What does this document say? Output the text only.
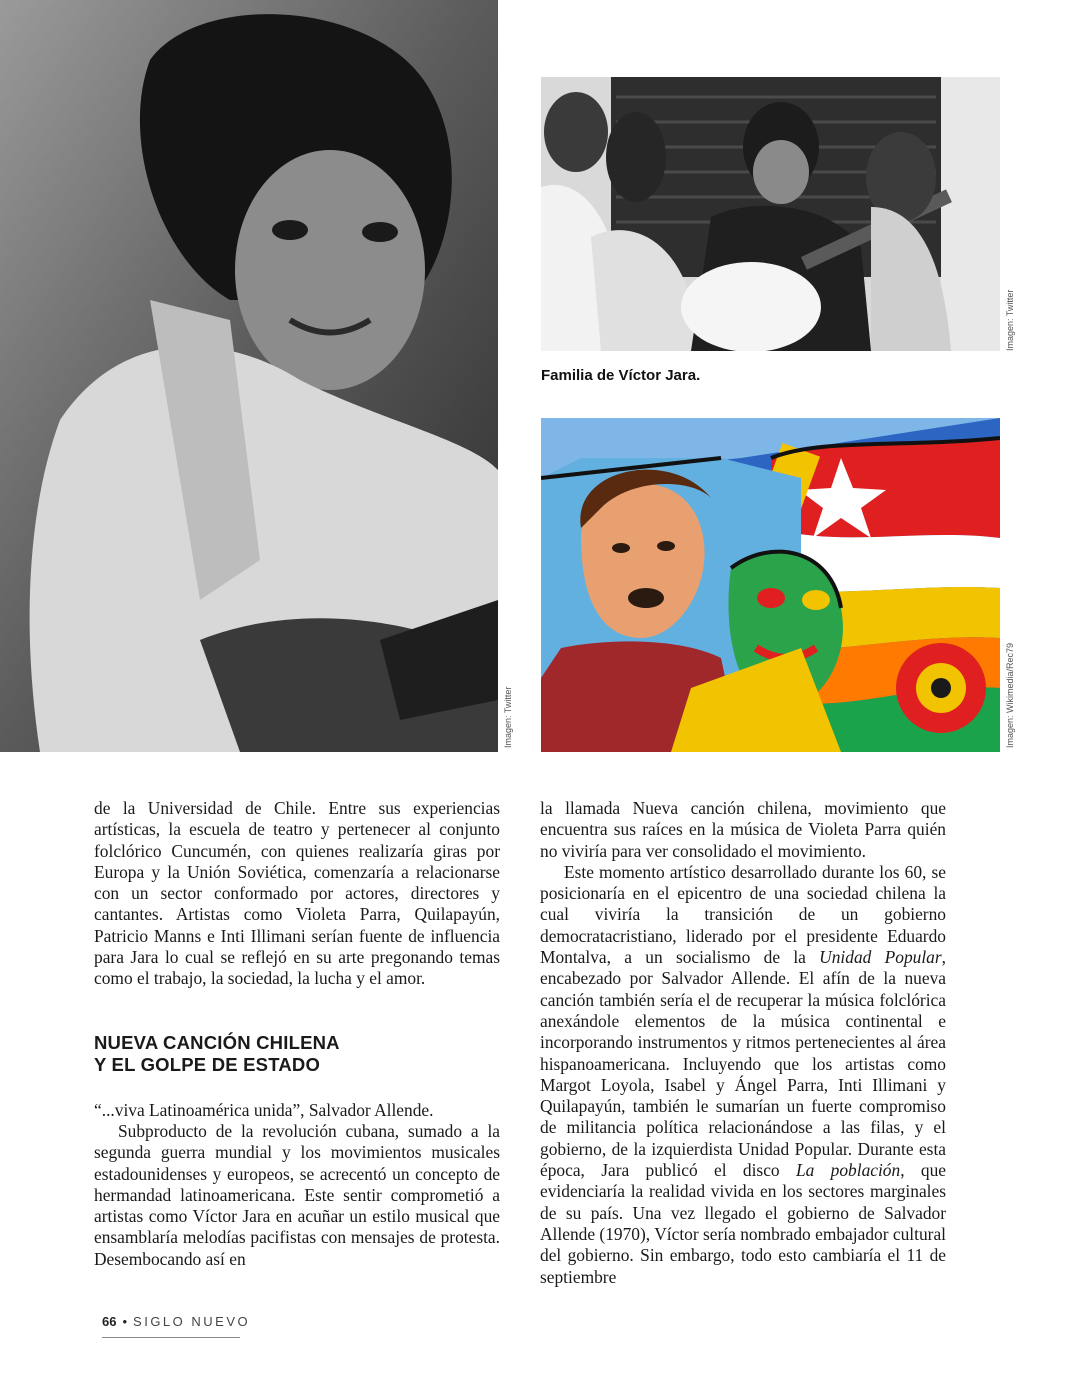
Imagen: Twitter
Imagen: Twitter
Familia de Víctor Jara.
Imagen: Wikimedia/Rec79

de la Universidad de Chile. Entre sus experiencias artísticas, la escuela de teatro y pertenecer al conjunto folclórico Cuncumén, con quienes realizaría giras por Europa y la Unión Soviética, comenzaría a relacionarse con un sector conformado por actores, directores y cantantes. Artistas como Violeta Parra, Quilapayún, Patricio Manns e Inti Illimani serían fuente de influencia para Jara lo cual se reflejó en su arte pregonando temas como el trabajo, la sociedad, la lucha y el amor.

NUEVA CANCIÓN CHILENA
Y EL GOLPE DE ESTADO

“...viva Latinoamérica unida”, Salvador Allende.

Subproducto de la revolución cubana, sumado a la segunda guerra mundial y los movimientos musicales estadounidenses y europeos, se acrecentó un concepto de hermandad latinoamericana. Este sentir comprometió a artistas como Víctor Jara en acuñar un estilo musical que ensamblaría melodías pacifistas con mensajes de protesta. Desembocando así en

la llamada Nueva canción chilena, movimiento que encuentra sus raíces en la música de Violeta Parra quién no viviría para ver consolidado el movimiento.

Este momento artístico desarrollado durante los 60, se posicionaría en el epicentro de una sociedad chilena la cual viviría la transición de un gobierno democratacristiano, liderado por el presidente Eduardo Montalva, a un socialismo de la Unidad Popular, encabezado por Salvador Allende. El afín de la nueva canción también sería el de recuperar la música folclórica anexándole elementos de la música continental e incorporando instrumentos y ritmos pertenecientes al área hispanoamericana. Incluyendo que los artistas como Margot Loyola, Isabel y Ángel Parra, Inti Illimani y Quilapayún, también le sumarían un fuerte compromiso de militancia política relacionándose a las filas, y el gobierno, de la izquierdista Unidad Popular. Durante esta época, Jara publicó el disco La población, que evidenciaría la realidad vivida en los sectores marginales de su país. Una vez llegado el gobierno de Salvador Allende (1970), Víctor sería nombrado embajador cultural del gobierno. Sin embargo, todo esto cambiaría el 11 de septiembre

66 • SIGLO NUEVO
